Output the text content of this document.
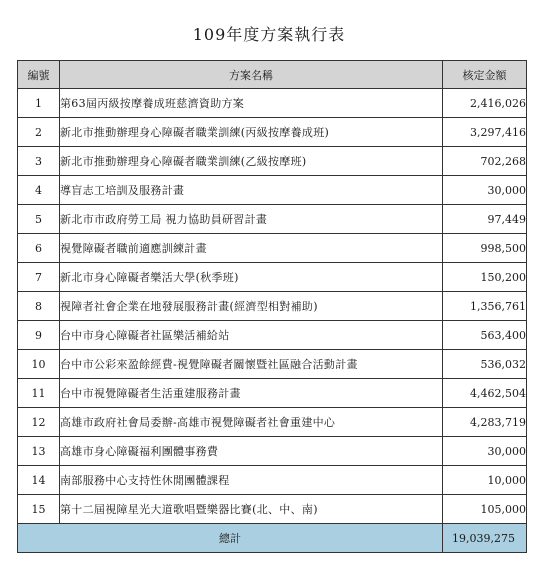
109年度方案執行表
編號	方案名稱	核定金額
1	第63屆丙級按摩養成班慈濟資助方案	2,416,026
2	新北市推動辦理身心障礙者職業訓練(丙級按摩養成班)	3,297,416
3	新北市推動辦理身心障礙者職業訓練(乙級按摩班)	702,268
4	導盲志工培訓及服務計畫	30,000
5	新北市市政府勞工局 視力協助員研習計畫	97,449
6	視覺障礙者職前適應訓練計畫	998,500
7	新北市身心障礙者樂活大學(秋季班)	150,200
8	視障者社會企業在地發展服務計畫(經濟型相對補助)	1,356,761
9	台中市身心障礙者社區樂活補給站	563,400
10	台中市公彩來盈餘經費-視覺障礙者關懷暨社區融合活動計畫	536,032
11	台中市視覺障礙者生活重建服務計畫	4,462,504
12	高雄市政府社會局委辦-高雄市視覺障礙者社會重建中心	4,283,719
13	高雄市身心障礙福利團體事務費	30,000
14	南部服務中心支持性休閒團體課程	10,000
15	第十二屆視障星光大道歌唱暨樂器比賽(北、中、南)	105,000
總計		19,039,275
